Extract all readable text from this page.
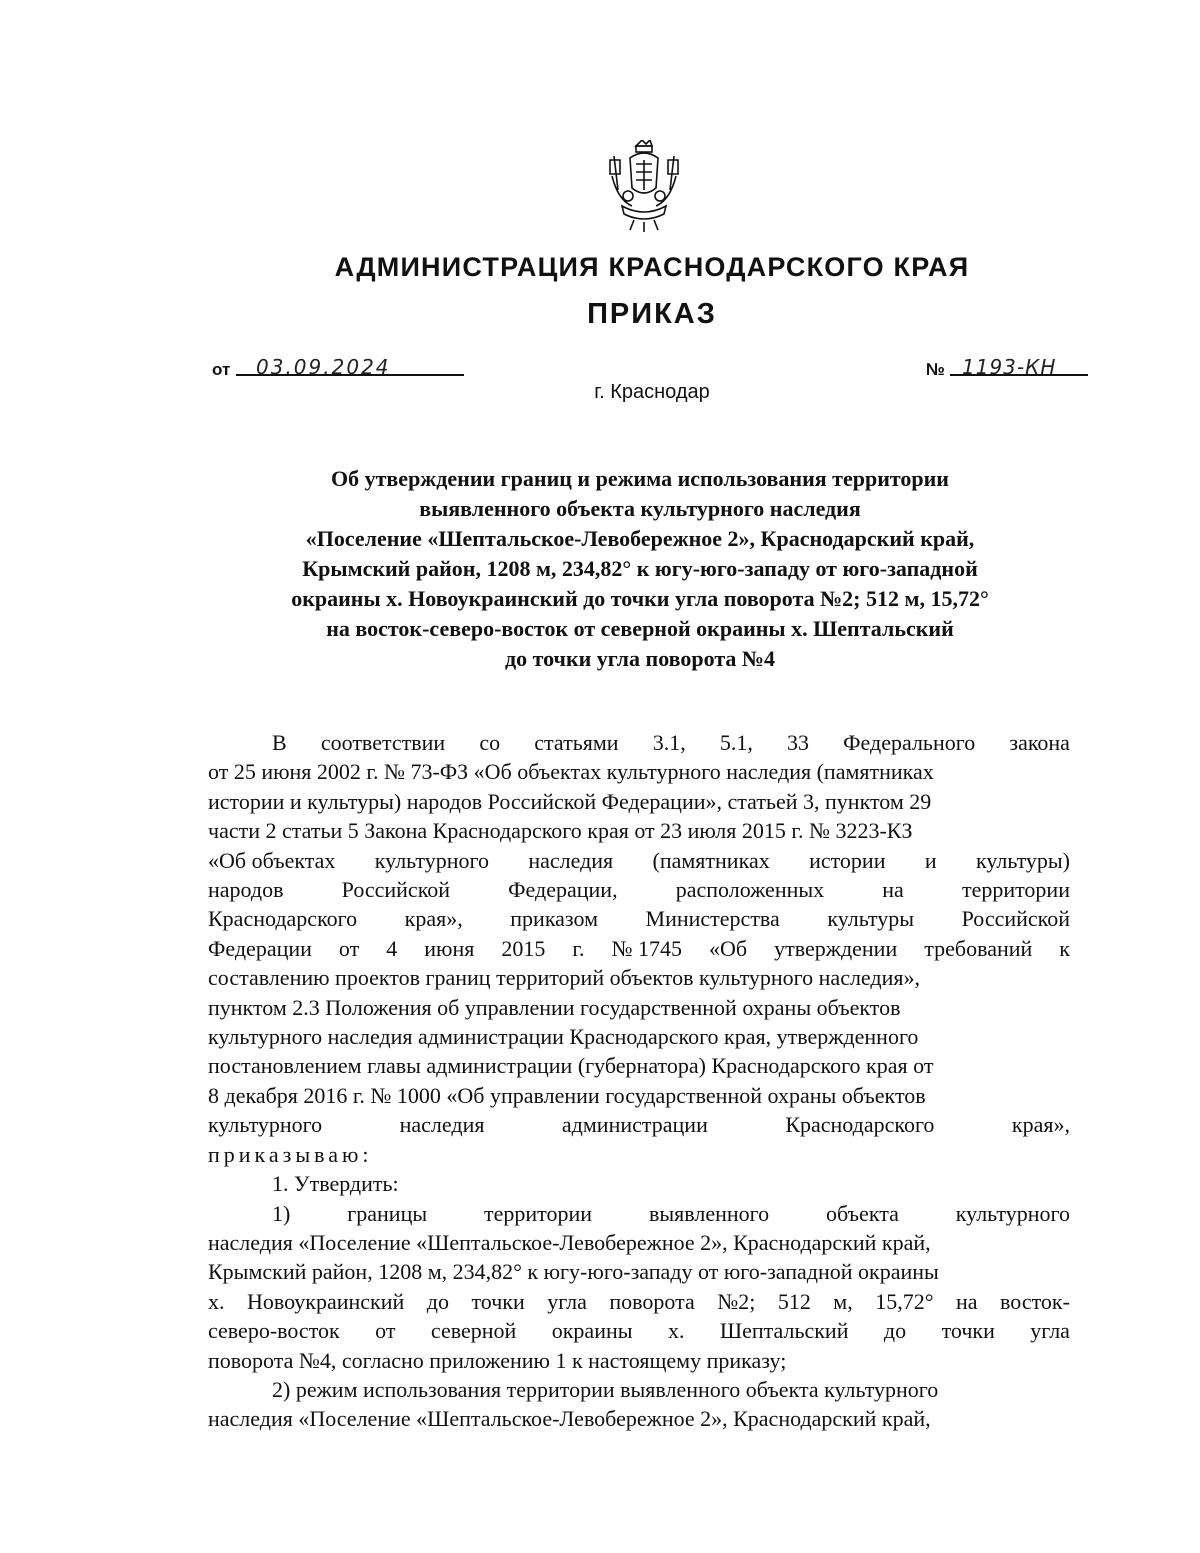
АДМИНИСТРАЦИЯ КРАСНОДАРСКОГО КРАЯ
ПРИКАЗ
от 03.09.2024	№ 1193-КН
г. Краснодар
Об утверждении границ и режима использования территории
выявленного объекта культурного наследия
«Поселение «Шептальское-Левобережное 2», Краснодарский край,
Крымский район, 1208 м, 234,82° к югу-юго-западу от юго-западной
окраины х. Новоукраинский до точки угла поворота №2; 512 м, 15,72°
на восток-северо-восток от северной окраины х. Шептальский
до точки угла поворота №4
В соответствии со статьями 3.1, 5.1, 33 Федерального закона
от 25 июня 2002 г. № 73-ФЗ «Об объектах культурного наследия (памятниках
истории и культуры) народов Российской Федерации», статьей 3, пунктом 29
части 2 статьи 5 Закона Краснодарского края от 23 июля 2015 г. № 3223-КЗ
«Об объектах культурного наследия (памятниках истории и культуры)
народов	Российской	Федерации,	расположенных	на	территории
Краснодарского края», приказом Министерства культуры Российской
Федерации от 4 июня 2015 г. № 1745 «Об утверждении требований к
составлению проектов границ территорий объектов культурного наследия»,
пунктом 2.3 Положения об управлении государственной охраны объектов
культурного наследия администрации Краснодарского края, утвержденного
постановлением главы администрации (губернатора) Краснодарского края от
8 декабря 2016 г. № 1000 «Об управлении государственной охраны объектов
культурного	наследия	администрации	Краснодарского	края»,
приказываю:
1. Утвердить:
1)	границы	территории	выявленного	объекта	культурного
наследия «Поселение «Шептальское-Левобережное 2», Краснодарский край,
Крымский район, 1208 м, 234,82° к югу-юго-западу от юго-западной окраины
х. Новоукраинский до точки угла поворота №2; 512 м, 15,72° на восток-
северо-восток от северной окраины х. Шептальский до точки угла
поворота №4, согласно приложению 1 к настоящему приказу;
2) режим использования территории выявленного объекта культурного
наследия «Поселение «Шептальское-Левобережное 2», Краснодарский край,
